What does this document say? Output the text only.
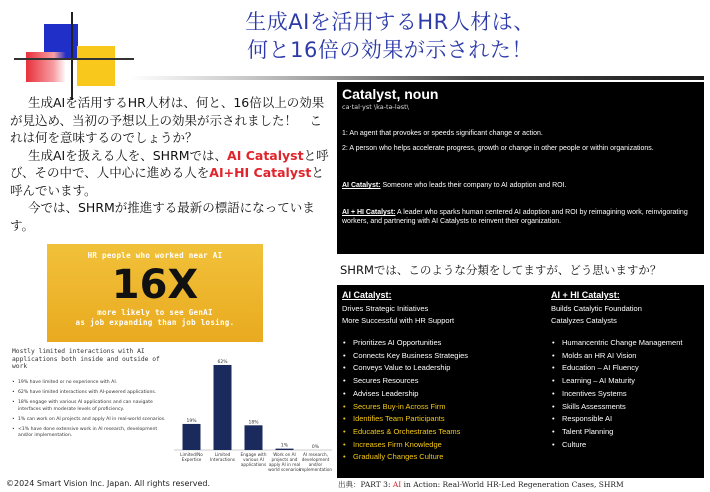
生成AIを活用するHR人材は、
何と16倍の効果が示された！

生成AIを活用するHR人材は、何と、16倍以上の効果が見込め、当初の予想以上の効果が示されました！　これは何を意味するのでしょうか？

生成AIを扱える人を、SHRMでは、AI Catalystと呼び、その中で、人中心に進める人をAI+HI Catalystと呼んでいます。

今では、SHRMが推進する最新の標語になっています。

HR people who worked near AI
16X
more likely to see GenAI
as job expanding than job losing.
Mostly limited interactions with AI applications both inside and outside of work
• 19% have limited or no experience with AI.
• 62% have limited interactions with AI-powered applications.
• 18% engage with various AI applications and can navigate interfaces with moderate levels of proficiency.
• 1% can work on AI projects and apply AI in real-world scenarios.
• <1% have done extensive work in AI research, development and/or implementation.
19%
Limited/No Expertise
62%
Limited Interactions
18%
Engage with various AI applications
1%
Work on AI projects and apply AI in real world scenarios
0%
AI research, development and/or implementation
©2024 Smart Vision Inc. Japan. All rights reserved.	出典：PART 3: AI in Action: Real-World HR-Led Regeneration Cases, SHRM
Catalyst, noun
ca·tal·yst \ka-tə-ləst\
1: An agent that provokes or speeds significant change or action.
2: A person who helps accelerate progress, growth or change in other people or within organizations.
AI Catalyst: Someone who leads their company to AI adoption and ROI.
AI + HI Catalyst: A leader who sparks human centered AI adoption and ROI by reimagining work, reinvigorating workers, and partnering with AI Catalysts to reinvent their organization.
SHRMでは、このような分類をしてますが、どう思いますか？
AI Catalyst:
Drives Strategic Initiatives
More Successful with HR Support
• Prioritizes AI Opportunities
• Connects Key Business Strategies
• Conveys Value to Leadership
• Secures Resources
• Advises Leadership
• Secures Buy-in Across Firm
• Identifies Team Participants
• Educates & Orchestrates Teams
• Increases Firm Knowledge
• Gradually Changes Culture
AI + HI Catalyst:
Builds Catalytic Foundation
Catalyzes Catalysts
• Humancentric Change Management
• Molds an HR AI Vision
• Education – AI Fluency
• Learning – AI Maturity
• Incentives Systems
• Skills Assessments
• Responsible AI
• Talent Planning
• Culture
